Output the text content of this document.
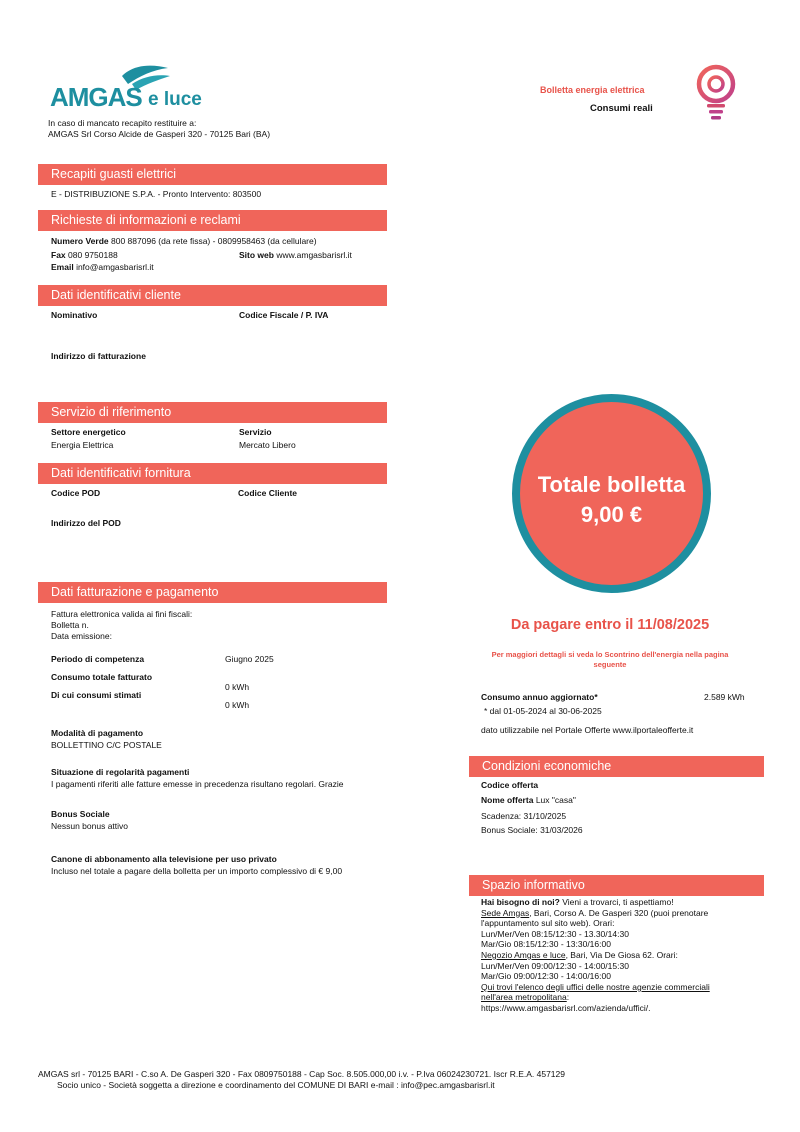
AMGAS e luce
In caso di mancato recapito restituire a:
AMGAS Srl Corso Alcide de Gasperi 320 - 70125 Bari (BA)
Bolletta energia elettrica
Consumi reali
Recapiti guasti elettrici
E - DISTRIBUZIONE S.P.A. - Pronto Intervento: 803500
Richieste di informazioni e reclami
Numero Verde 800 887096 (da rete fissa) - 0809958463 (da cellulare)
Fax 080 9750188	Sito web www.amgasbarisrl.it
Email info@amgasbarisrl.it
Dati identificativi cliente
Nominativo	Codice Fiscale / P. IVA
Indirizzo di fatturazione
Servizio di riferimento
Settore energetico
Energia Elettrica
Servizio
Mercato Libero
Dati identificativi fornitura
Codice POD	Codice Cliente
Indirizzo del POD
Dati fatturazione e pagamento
Fattura elettronica valida ai fini fiscali:
Bolletta n.
Data emissione:
Periodo di competenza	Giugno 2025
Consumo totale fatturato
0 kWh
Di cui consumi stimati
0 kWh
Modalità di pagamento
BOLLETTINO C/C POSTALE
Situazione di regolarità pagamenti
I pagamenti riferiti alle fatture emesse in precedenza risultano regolari. Grazie
Bonus Sociale
Nessun bonus attivo
Canone di abbonamento alla televisione per uso privato
Incluso nel totale a pagare della bolletta per un importo complessivo di € 9,00
Totale bolletta
9,00 €
Da pagare entro il 11/08/2025
Per maggiori dettagli si veda lo Scontrino dell'energia nella pagina seguente
Consumo annuo aggiornato*	2.589 kWh
* dal 01-05-2024 al 30-06-2025
dato utilizzabile nel Portale Offerte www.ilportaleofferte.it
Condizioni economiche
Codice offerta
Nome offerta Lux "casa"
Scadenza: 31/10/2025
Bonus Sociale: 31/03/2026
Spazio informativo
Hai bisogno di noi? Vieni a trovarci, ti aspettiamo!
Sede Amgas, Bari, Corso A. De Gasperi 320 (puoi prenotare
l'appuntamento sul sito web). Orari:
Lun/Mer/Ven 08:15/12:30 - 13.30/14:30
Mar/Gio 08:15/12:30 - 13:30/16:00
Negozio Amgas e luce, Bari, Via De Giosa 62. Orari:
Lun/Mer/Ven 09:00/12:30 - 14:00/15:30
Mar/Gio 09:00/12:30 - 14:00/16:00
Qui trovi l'elenco degli uffici delle nostre agenzie commerciali
nell'area metropolitana:
https://www.amgasbarisrl.com/azienda/uffici/.
AMGAS srl - 70125 BARI - C.so A. De Gasperi 320 - Fax 0809750188 - Cap Soc. 8.505.000,00 i.v. - P.Iva 06024230721. Iscr R.E.A. 457129
Socio unico - Società soggetta a direzione e coordinamento del COMUNE DI BARI e-mail : info@pec.amgasbarisrl.it
